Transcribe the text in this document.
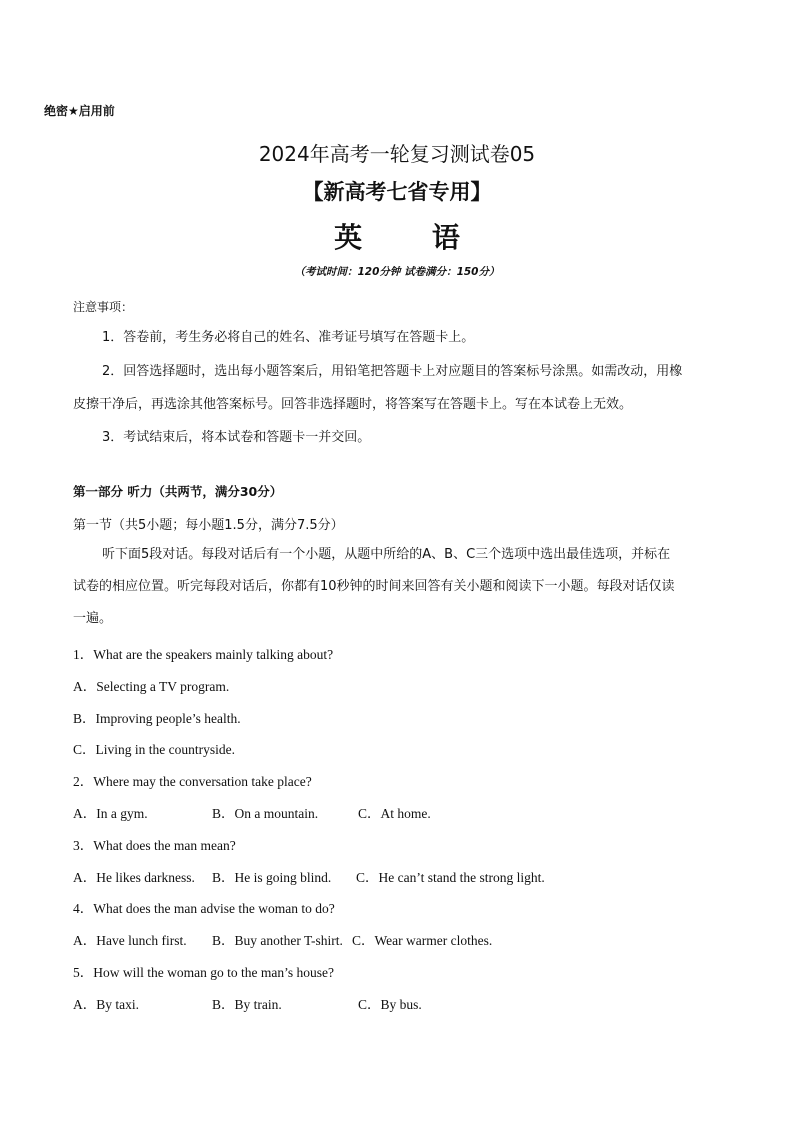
绝密★启用前
2024年高考一轮复习测试卷05
【新高考七省专用】
英 语
（考试时间：120分钟 试卷满分：150分）
注意事项：
1．答卷前，考生务必将自己的姓名、准考证号填写在答题卡上。
2．回答选择题时，选出每小题答案后，用铅笔把答题卡上对应题目的答案标号涂黑。如需改动，用橡
皮擦干净后，再选涂其他答案标号。回答非选择题时，将答案写在答题卡上。写在本试卷上无效。
3．考试结束后，将本试卷和答题卡一并交回。
第一部分 听力（共两节，满分30分）
第一节（共5小题；每小题1.5分，满分7.5分）
听下面5段对话。每段对话后有一个小题，从题中所给的A、B、C三个选项中选出最佳选项，并标在
试卷的相应位置。听完每段对话后，你都有10秒钟的时间来回答有关小题和阅读下一小题。每段对话仅读
一遍。
1．What are the speakers mainly talking about?
A．Selecting a TV program.
B．Improving people’s health.
C．Living in the countryside.
2．Where may the conversation take place?
A．In a gym.	B．On a mountain.	C．At home.
3．What does the man mean?
A．He likes darkness. B．He is going blind. C．He can’t stand the strong light.
4．What does the man advise the woman to do?
A．Have lunch first. B．Buy another T-shirt. C．Wear warmer clothes.
5．How will the woman go to the man’s house?
A．By taxi.	B．By train.	C．By bus.
